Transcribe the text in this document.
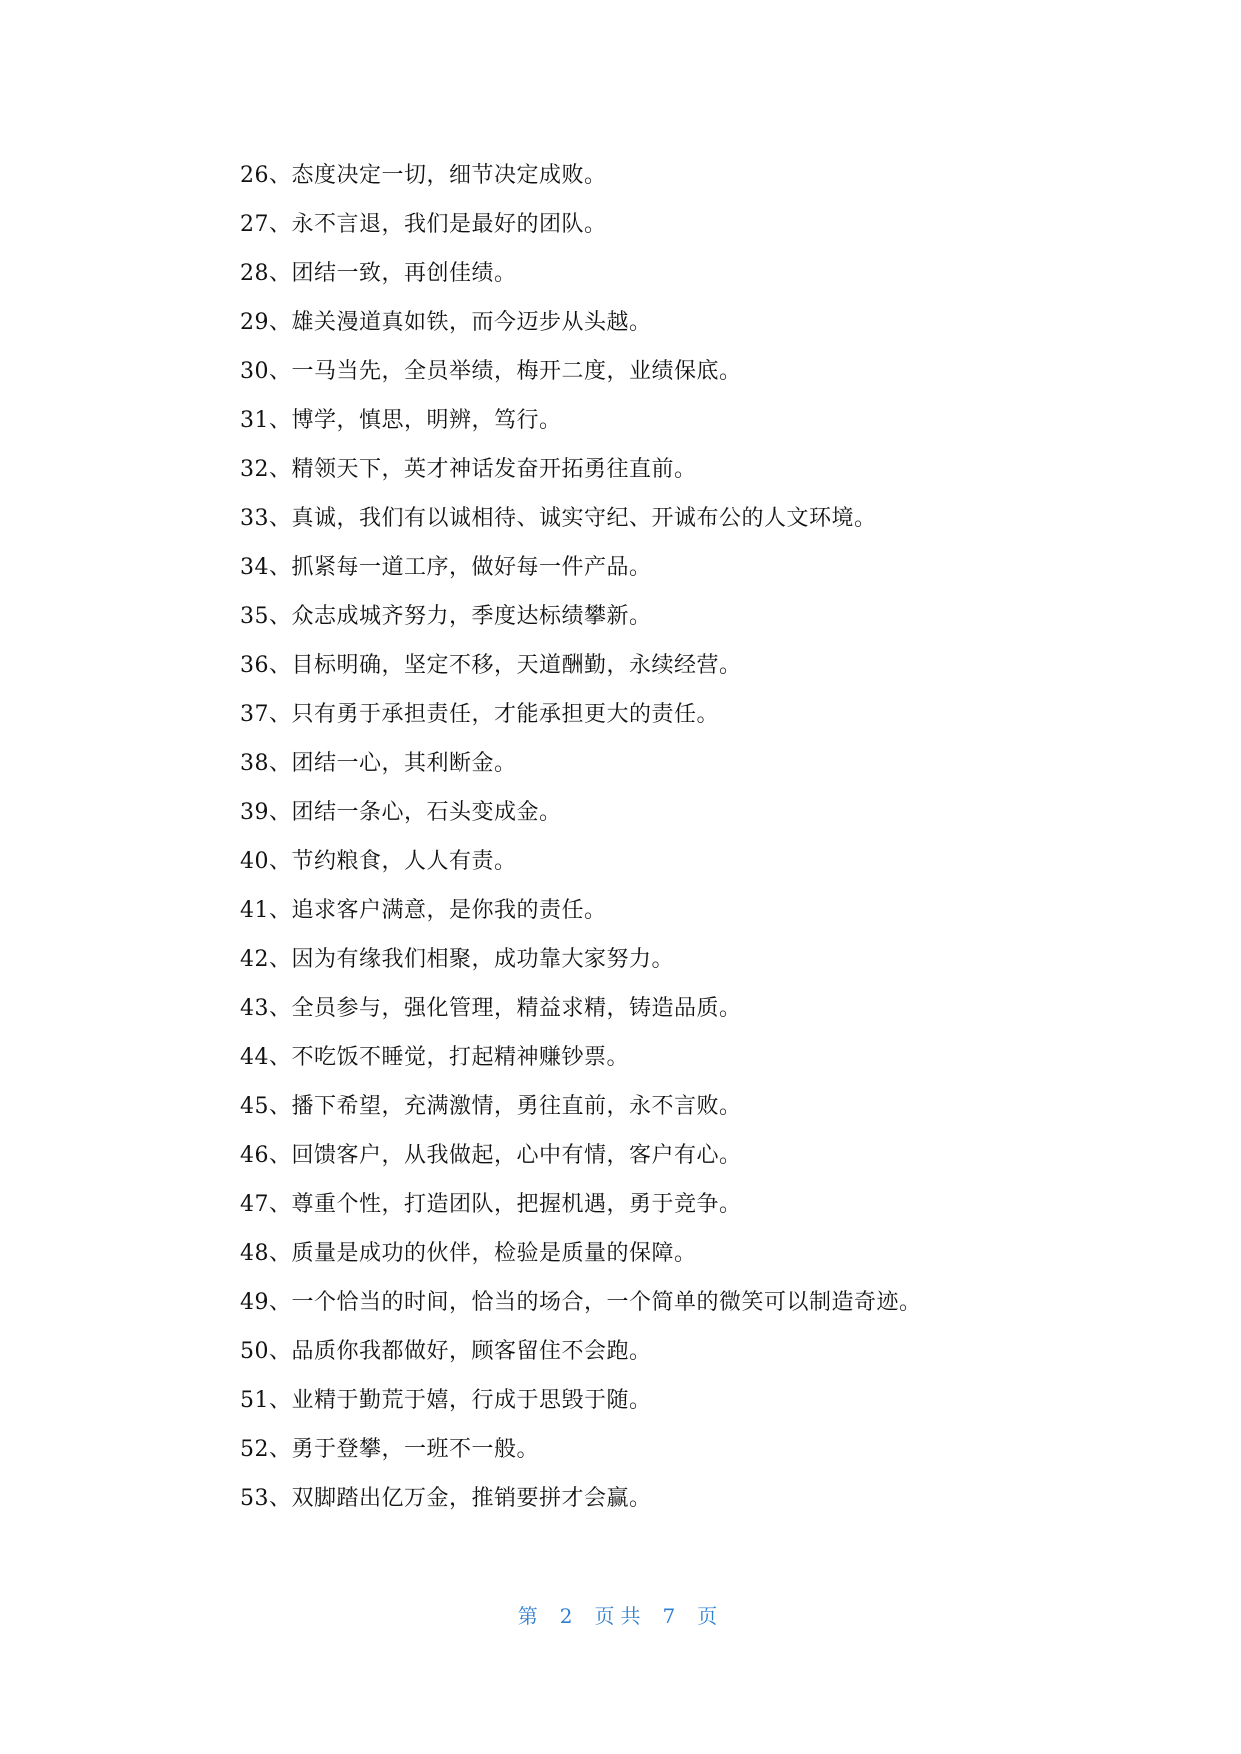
26、态度决定一切，细节决定成败。
27、永不言退，我们是最好的团队。
28、团结一致，再创佳绩。
29、雄关漫道真如铁，而今迈步从头越。
30、一马当先，全员举绩，梅开二度，业绩保底。
31、博学，慎思，明辨，笃行。
32、精领天下，英才神话发奋开拓勇往直前。
33、真诚，我们有以诚相待、诚实守纪、开诚布公的人文环境。
34、抓紧每一道工序，做好每一件产品。
35、众志成城齐努力，季度达标绩攀新。
36、目标明确，坚定不移，天道酬勤，永续经营。
37、只有勇于承担责任，才能承担更大的责任。
38、团结一心，其利断金。
39、团结一条心，石头变成金。
40、节约粮食，人人有责。
41、追求客户满意，是你我的责任。
42、因为有缘我们相聚，成功靠大家努力。
43、全员参与，强化管理，精益求精，铸造品质。
44、不吃饭不睡觉，打起精神赚钞票。
45、播下希望，充满激情，勇往直前，永不言败。
46、回馈客户，从我做起，心中有情，客户有心。
47、尊重个性，打造团队，把握机遇，勇于竞争。
48、质量是成功的伙伴，检验是质量的保障。
49、一个恰当的时间，恰当的场合，一个简单的微笑可以制造奇迹。
50、品质你我都做好，顾客留住不会跑。
51、业精于勤荒于嬉，行成于思毁于随。
52、勇于登攀，一班不一般。
53、双脚踏出亿万金，推销要拼才会赢。
第 2 页共 7 页
